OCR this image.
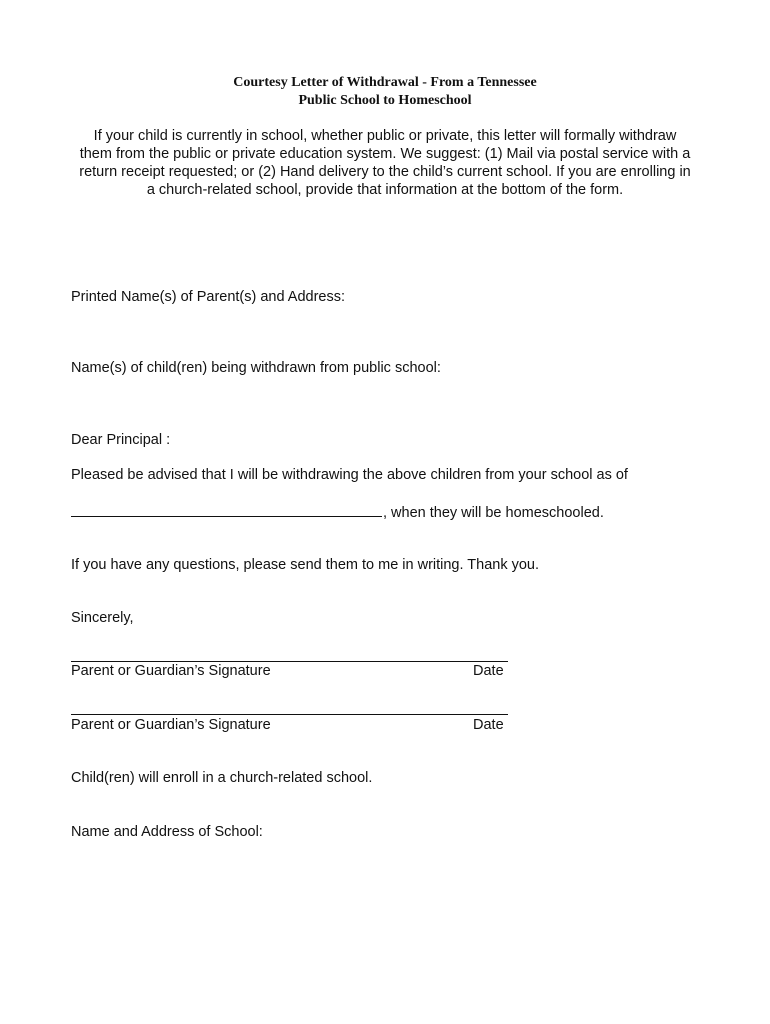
Courtesy Letter of Withdrawal - From a Tennessee

Public School to Homeschool

If your child is currently in school, whether public or private, this letter will formally withdraw them from the public or private education system. We suggest: (1) Mail via postal service with a return receipt requested; or (2) Hand delivery to the child’s current school. If you are enrolling in a church-related school, provide that information at the bottom of the form.

Printed Name(s) of Parent(s) and Address:

Name(s) of child(ren) being withdrawn from public school:

Dear Principal :

Pleased be advised that I will be withdrawing the above children from your school as of

, when they will be homeschooled.

If you have any questions, please send them to me in writing. Thank you.

Sincerely,

Parent or Guardian’s Signature	Date

Parent or Guardian’s Signature	Date

Child(ren) will enroll in a church-related school.

Name and Address of School:
